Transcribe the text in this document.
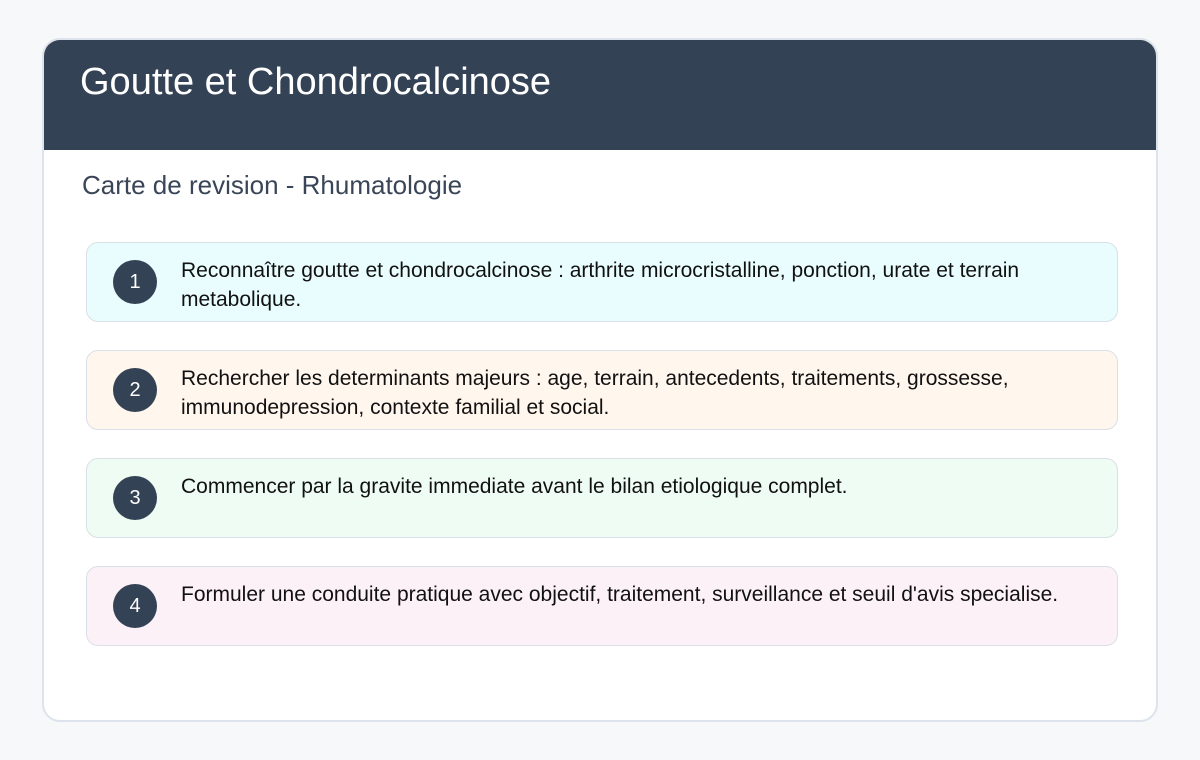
Goutte et Chondrocalcinose
Carte de revision - Rhumatologie
1	Reconnaître goutte et chondrocalcinose : arthrite microcristalline, ponction, urate et terrain metabolique.
2	Rechercher les determinants majeurs : age, terrain, antecedents, traitements, grossesse, immunodepression, contexte familial et social.
3	Commencer par la gravite immediate avant le bilan etiologique complet.
4	Formuler une conduite pratique avec objectif, traitement, surveillance et seuil d'avis specialise.
